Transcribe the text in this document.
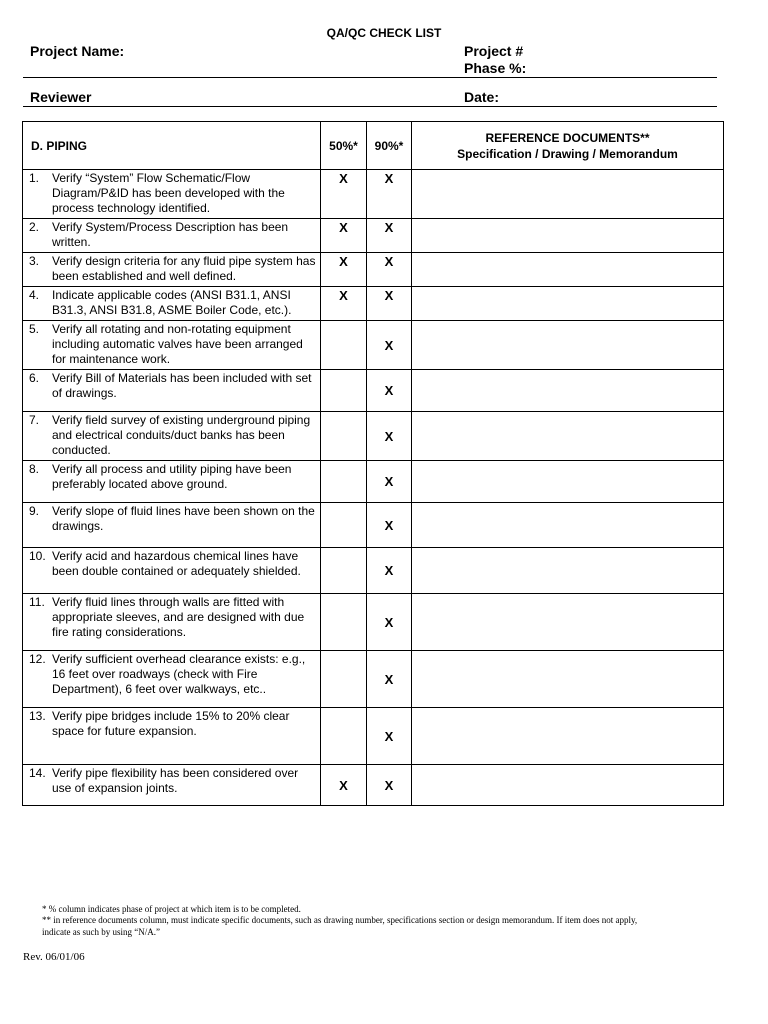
QA/QC CHECK LIST
Project Name:	Project #
Phase %:
Reviewer	Date:
D. PIPING	50%*	90%*	REFERENCE DOCUMENTS**
Specification / Drawing / Memorandum

1. Verify “System” Flow Schematic/Flow Diagram/P&ID has been developed with the process technology identified.	X	X	

2. Verify System/Process Description has been written.	X	X	

3. Verify design criteria for any fluid pipe system has been established and well defined.	X	X	

4. Indicate applicable codes (ANSI B31.1, ANSI B31.3, ANSI B31.8, ASME Boiler Code, etc.).	X	X	

5. Verify all rotating and non-rotating equipment including automatic valves have been arranged for maintenance work.		X	

6. Verify Bill of Materials has been included with set of drawings.		X	

7. Verify field survey of existing underground piping and electrical conduits/duct banks has been conducted.		X	

8. Verify all process and utility piping have been preferably located above ground.		X	

9. Verify slope of fluid lines have been shown on the drawings.		X	

10. Verify acid and hazardous chemical lines have been double contained or adequately shielded.		X	

11. Verify fluid lines through walls are fitted with appropriate sleeves, and are designed with due fire rating considerations.		X	

12. Verify sufficient overhead clearance exists: e.g., 16 feet over roadways (check with Fire Department), 6 feet over walkways, etc..		X	

13. Verify pipe bridges include 15% to 20% clear space for future expansion.		X	

14. Verify pipe flexibility has been considered over use of expansion joints.	X	X	
* % column indicates phase of project at which item is to be completed.
** in reference documents column, must indicate specific documents, such as drawing number, specifications section or design memorandum. If item does not apply, indicate as such by using “N/A.”
Rev. 06/01/06
